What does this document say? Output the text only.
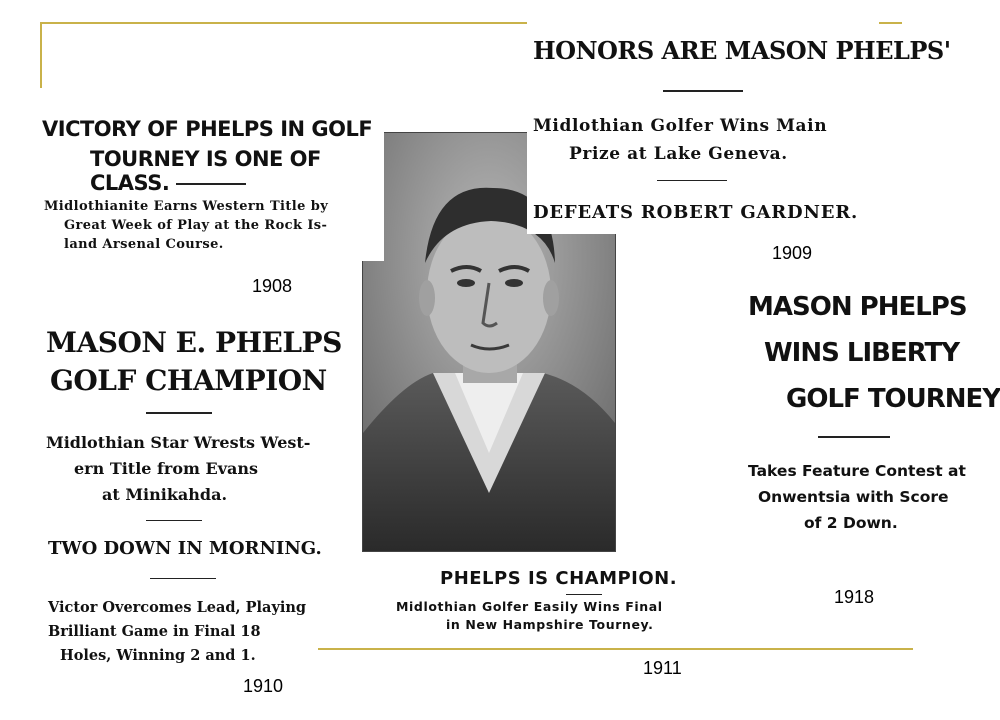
VICTORY OF PHELPS IN GOLF
TOURNEY IS ONE OF CLASS.
Midlothianite Earns Western Title by
Great Week of Play at the Rock Is-
land Arsenal Course.
1908
HONORS ARE MASON PHELPS'
Midlothian Golfer Wins Main
Prize at Lake Geneva.
DEFEATS ROBERT GARDNER.
1909
MASON E. PHELPS
GOLF CHAMPION
Midlothian Star Wrests West-
ern Title from Evans
at Minikahda.
TWO DOWN IN MORNING.
Victor Overcomes Lead, Playing
Brilliant Game in Final 18
Holes, Winning 2 and 1.
1910
PHELPS IS CHAMPION.
Midlothian Golfer Easily Wins Final
in New Hampshire Tourney.
1911
MASON PHELPS
WINS LIBERTY
GOLF TOURNEY
Takes Feature Contest at
Onwentsia with Score
of 2 Down.
1918
